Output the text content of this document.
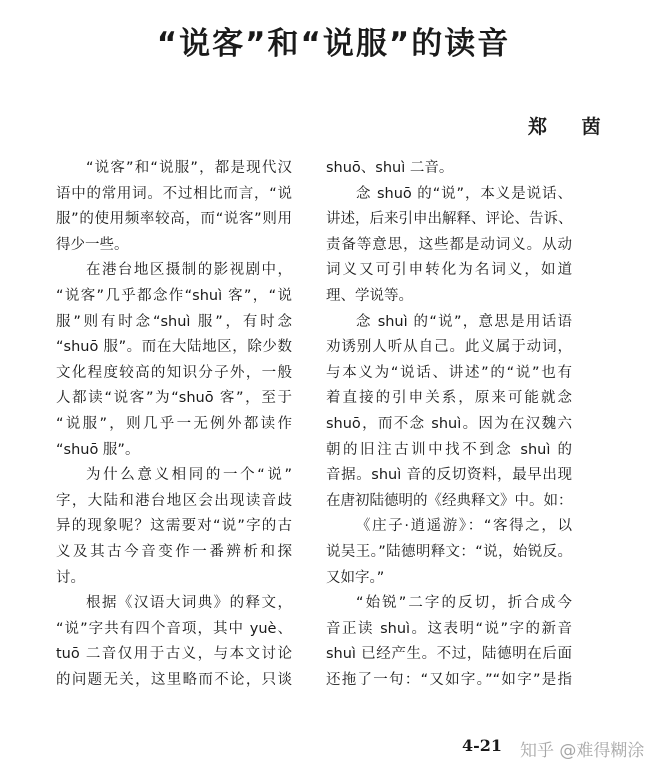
“说客”和“说服”的读音
郑 茵
“说客”和“说服”，都是现代汉
语中的常用词。不过相比而言，“说
服”的使用频率较高，而“说客”则用
得少一些。
在港台地区摄制的影视剧中，
“说客”几乎都念作“shuì 客”，“说
服”则有时念“shuì 服”，有时念
“shuō 服”。而在大陆地区，除少数
文化程度较高的知识分子外，一般
人都读“说客”为“shuō 客”，至于
“说服”，则几乎一无例外都读作
“shuō 服”。
为什么意义相同的一个“说”
字，大陆和港台地区会出现读音歧
异的现象呢？这需要对“说”字的古
义及其古今音变作一番辨析和探
讨。
根据《汉语大词典》的释文，
“说”字共有四个音项，其中 yuè、
tuō 二音仅用于古义，与本文讨论
的问题无关，这里略而不论，只谈
shuō、shuì 二音。
念 shuō 的“说”，本义是说话、
讲述，后来引申出解释、评论、告诉、
责备等意思，这些都是动词义。从动
词义又可引申转化为名词义，如道
理、学说等。
念 shuì 的“说”，意思是用话语
劝诱别人听从自己。此义属于动词，
与本义为“说话、讲述”的“说”也有
着直接的引申关系，原来可能就念
shuō，而不念 shuì。因为在汉魏六
朝的旧注古训中找不到念 shuì 的
音据。shuì 音的反切资料，最早出现
在唐初陆德明的《经典释文》中。如：
《庄子·逍遥游》：“客得之，以
说吴王。”陆德明释文：“说，始锐反。
又如字。”
“始锐”二字的反切，折合成今
音正读 shuì。这表明“说”字的新音
shuì 已经产生。不过，陆德明在后面
还拖了一句：“又如字。”“如字”是指
4-21 知乎 @难得糊涂
